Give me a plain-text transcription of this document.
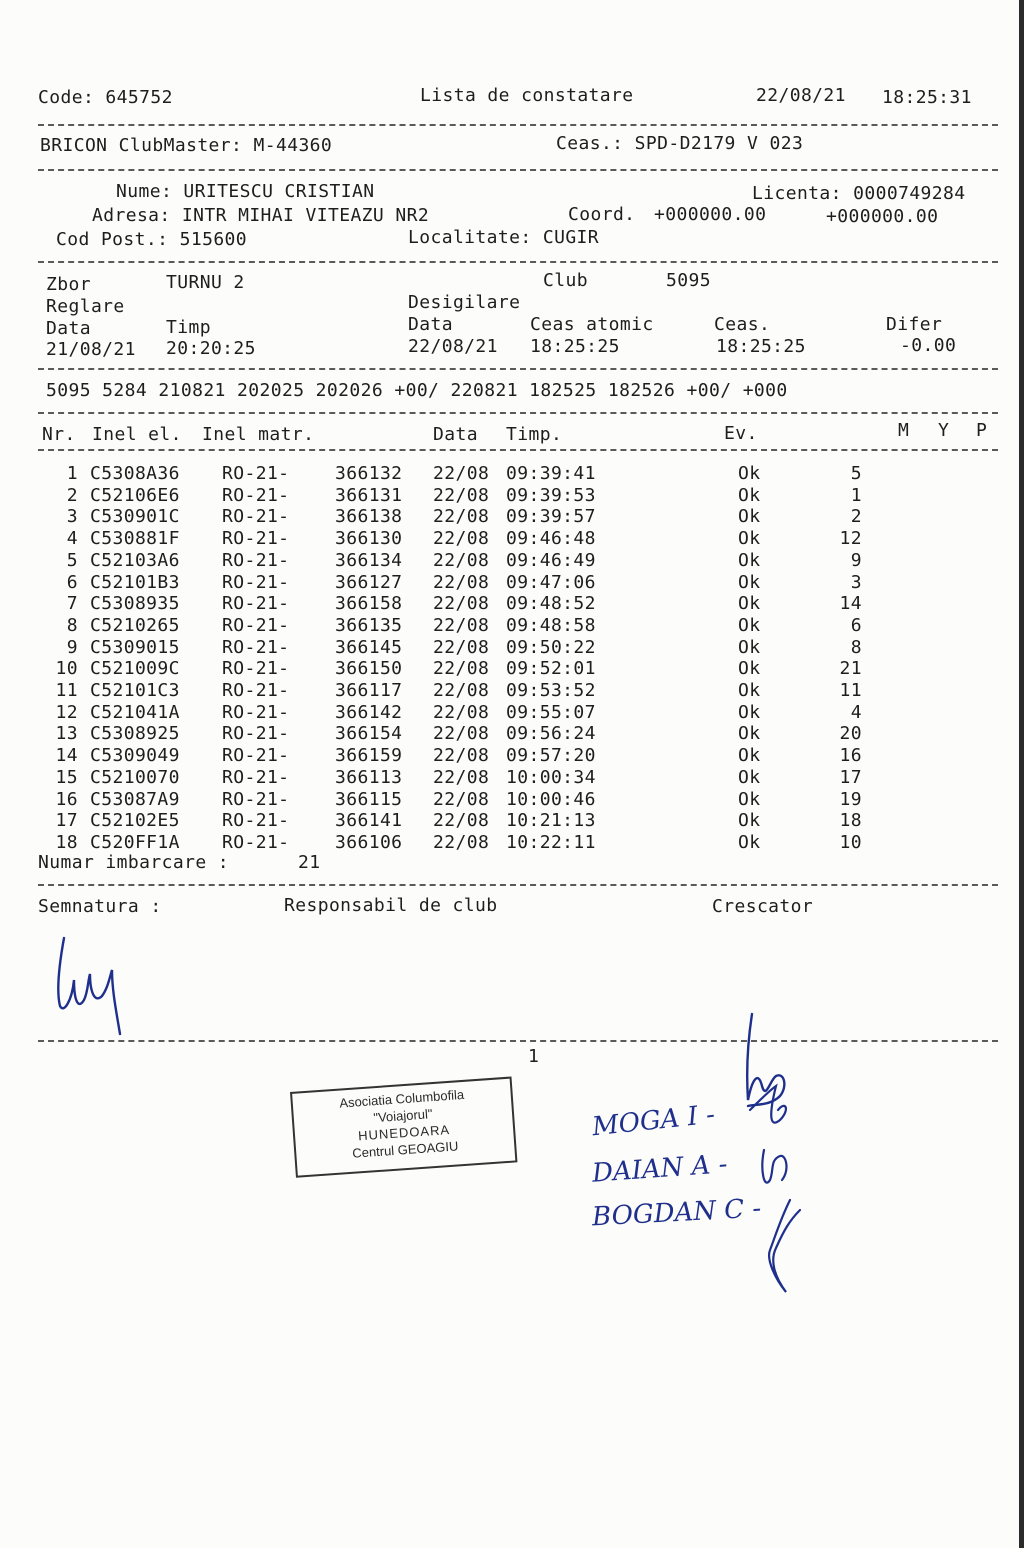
Code: 645752	Lista de constatare	22/08/21 18:25:31
BRICON ClubMaster: M-44360	Ceas.: SPD-D2179 V 023
Nume: URITESCU CRISTIAN	Licenta: 0000749284
Adresa: INTR MIHAI VITEAZU NR2	Coord. +000000.00	+000000.00
Cod Post.: 515600	Localitate: CUGIR
Zbor	TURNU 2	Club	5095
Reglare	Desigilare
Data	Timp	Data	Ceas atomic	Ceas.	Difer
21/08/21 20:20:25	22/08/21 18:25:25	18:25:25	-0.00
5095 5284 210821 202025 202026 +00/ 220821 182525 182526 +00/ +000
Nr. Inel el. Inel matr.	Data Timp.	Ev.	M Y P
1 C5308A36 RO-21-	366132 22/08 09:39:41	Ok	5
2 C52106E6 RO-21-	366131 22/08 09:39:53	Ok	1
3 C530901C RO-21-	366138 22/08 09:39:57	Ok	2
4 C530881F RO-21-	366130 22/08 09:46:48	Ok	12
5 C52103A6 RO-21-	366134 22/08 09:46:49	Ok	9
6 C52101B3 RO-21-	366127 22/08 09:47:06	Ok	3
7 C5308935 RO-21-	366158 22/08 09:48:52	Ok	14
8 C5210265 RO-21-	366135 22/08 09:48:58	Ok	6
9 C5309015 RO-21-	366145 22/08 09:50:22	Ok	8
10 C521009C RO-21-	366150 22/08 09:52:01	Ok	21
11 C52101C3 RO-21-	366117 22/08 09:53:52	Ok	11
12 C521041A RO-21-	366142 22/08 09:55:07	Ok	4
13 C5308925 RO-21-	366154 22/08 09:56:24	Ok	20
14 C5309049 RO-21-	366159 22/08 09:57:20	Ok	16
15 C5210070 RO-21-	366113 22/08 10:00:34	Ok	17
16 C53087A9 RO-21-	366115 22/08 10:00:46	Ok	19
17 C52102E5 RO-21-	366141 22/08 10:21:13	Ok	18
18 C520FF1A RO-21-	366106 22/08 10:22:11	Ok	10
Numar imbarcare :	21
Semnatura :	Responsabil de club	Crescator
1
Asociatia Columbofila
"Voiajorul"
HUNEDOARA
Centrul GEOAGIU
MOGA I -
DAIAN A -
BOGDAN C -
